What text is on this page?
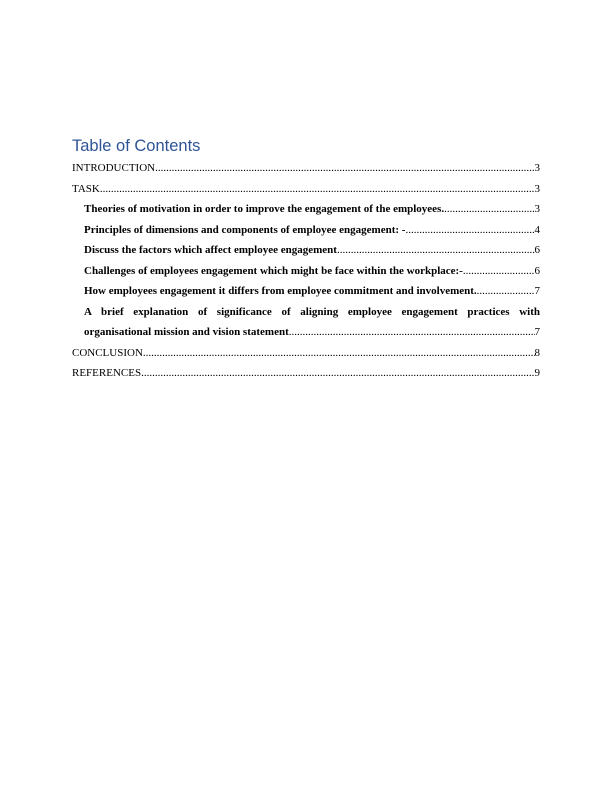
Table of Contents
INTRODUCTION .....	3
TASK .....	3
Theories of motivation in order to improve the engagement of the employees. .....	3
Principles of dimensions and components of employee engagement: - .....	4
Discuss the factors which affect employee engagement .....	6
Challenges of employees engagement which might be face within the workplace:- .....	6
How employees engagement it differs from employee commitment and involvement. .....	7
A brief explanation of significance of aligning employee engagement practices with
organisational mission and vision statement .....	7
CONCLUSION .....	8
REFERENCES .....	9
